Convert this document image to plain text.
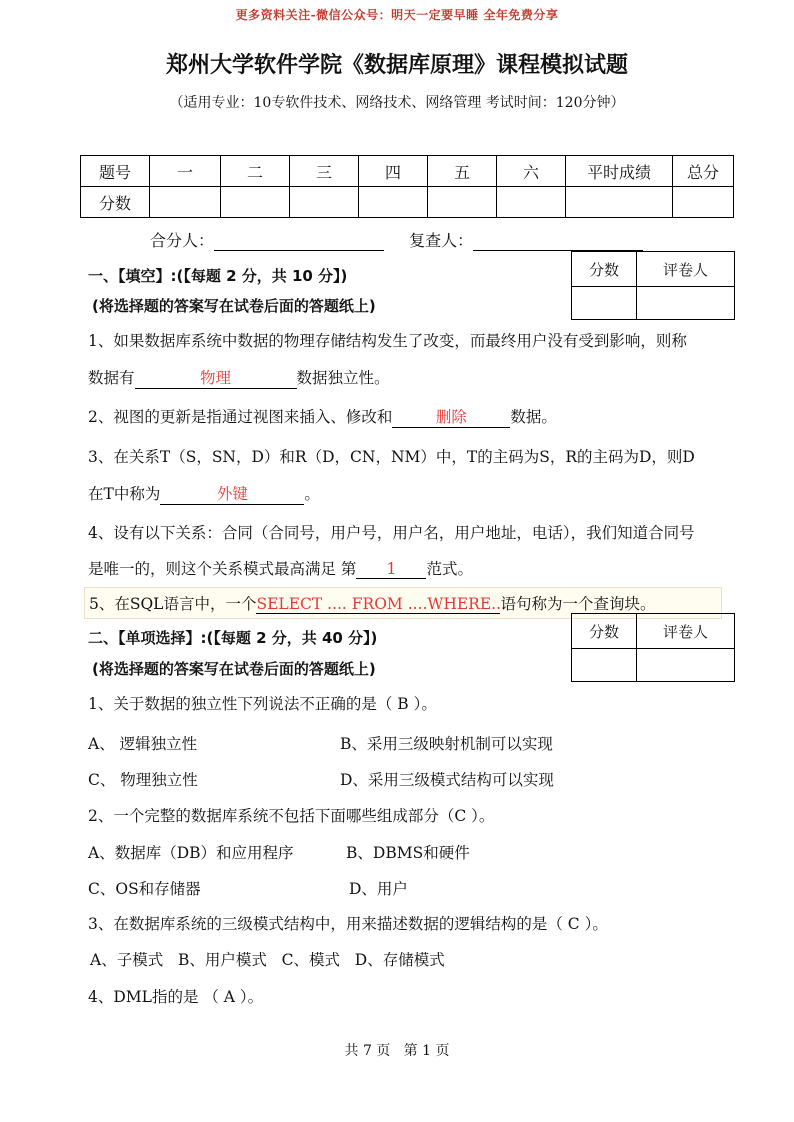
更多资料关注-微信公众号：明天一定要早睡 全年免费分享
郑州大学软件学院《数据库原理》课程模拟试题
（适用专业：10专软件技术、网络技术、网络管理 考试时间：120分钟）
题号	一	二	三	四	五	六	平时成绩	总分
分数								
合分人：	复查人：
分数	评卷人

一、【填空】:(【每题 2 分，共 10 分】)
(将选择题的答案写在试卷后面的答题纸上)
1、如果数据库系统中数据的物理存储结构发生了改变，而最终用户没有受到影响，则称
数据有	物理	数据独立性。
2、视图的更新是指通过视图来插入、修改和	删除	数据。
3、在关系T（S，SN，D）和R（D，CN，NM）中，T的主码为S，R的主码为D，则D
在T中称为	外键	。
4、设有以下关系：合同（合同号，用户号，用户名，用户地址，电话），我们知道合同号
是唯一的，则这个关系模式最高满足 第 1 范式。
5、在SQL语言中，一个SELECT .... FROM ....WHERE...语句称为一个查询块。
分数	评卷人

二、【单项选择】:(【每题 2 分，共 40 分】)
(将选择题的答案写在试卷后面的答题纸上)
1、关于数据的独立性下列说法不正确的是（ B ）。
A、 逻辑独立性	B、采用三级映射机制可以实现
C、 物理独立性	D、采用三级模式结构可以实现
2、一个完整的数据库系统不包括下面哪些组成部分（C ）。
A、数据库（DB）和应用程序	B、DBMS和硬件
C、OS和存储器	D、用户
3、在数据库系统的三级模式结构中，用来描述数据的逻辑结构的是（ C ）。
A、子模式   B、用户模式   C、模式   D、存储模式
4、DML指的是 （ A ）。
共 7 页   第 1 页
